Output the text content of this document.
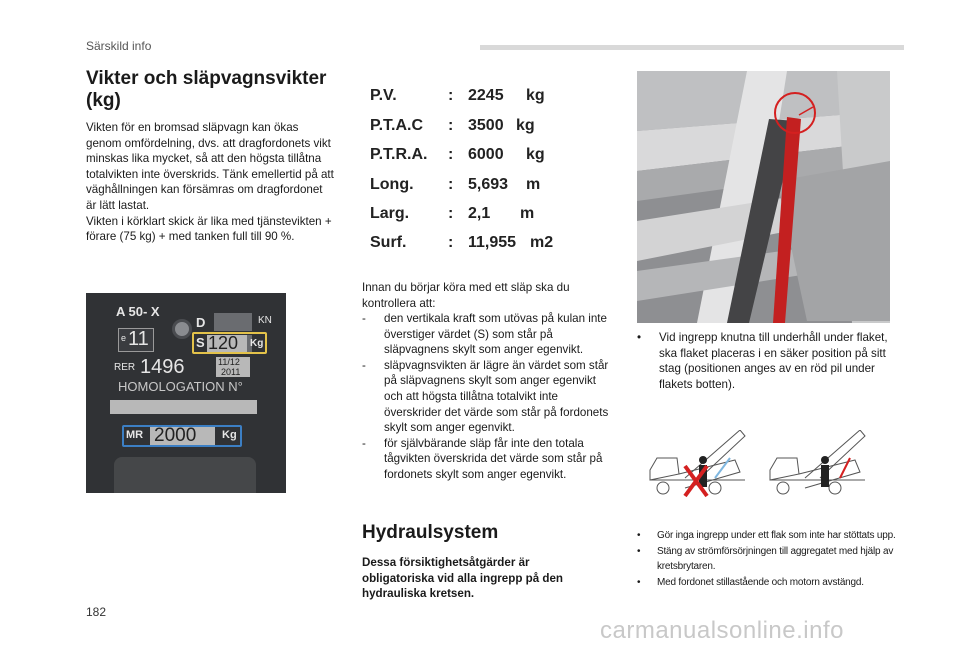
Särskild info
Vikter och släpvagnsvikter (kg)

Vikten för en bromsad släpvagn kan ökas genom omfördelning, dvs. att dragfordonets vikt minskas lika mycket, så att den högsta tillåtna totalvikten inte överskrids. Tänk emellertid på att väghållningen kan försämras om dragfordonet är lätt lastat.

Vikten i körklart skick är lika med tjänstevikten + förare (75 kg) + med tanken full till 90 %.

P.V.	: 2245 kg
P.T.A.C : 3500 kg
P.T.R.A. : 6000 kg
Long. : 5,693 m
Larg. : 2,1 m
Surf.	: 11,955 m2
A 50- X
KN
D
e 11	S 120 Kg
RER 1496	11/12
2011
HOMOLOGATION N°
MR 2000 Kg

Innan du börjar köra med ett släp ska du kontrollera att:

- den vertikala kraft som utövas på kulan inte överstiger värdet (S) som står på släpvagnens skylt som anger egenvikt.
- släpvagnsvikten är lägre än värdet som står på släpvagnens skylt som anger egenvikt och att högsta tillåtna totalvikt inte överskrider det värde som står på fordonets skylt som anger egenvikt.
- för självbärande släp får inte den totala tågvikten överskrida det värde som står på fordonets skylt som anger egenvikt.
• Vid ingrepp knutna till underhåll under flaket, ska flaket placeras i en säker position på sitt stag (positionen anges av en röd pil under flakets botten).
Hydraulsystem

Dessa försiktighetsåtgärder är obligatoriska vid alla ingrepp på den hydrauliska kretsen.

• Gör inga ingrepp under ett flak som inte har stöttats upp.
• Stäng av strömförsörjningen till aggregatet med hjälp av kretsbrytaren.
• Med fordonet stillastående och motorn avstängd.
182
carmanualsonline.info
